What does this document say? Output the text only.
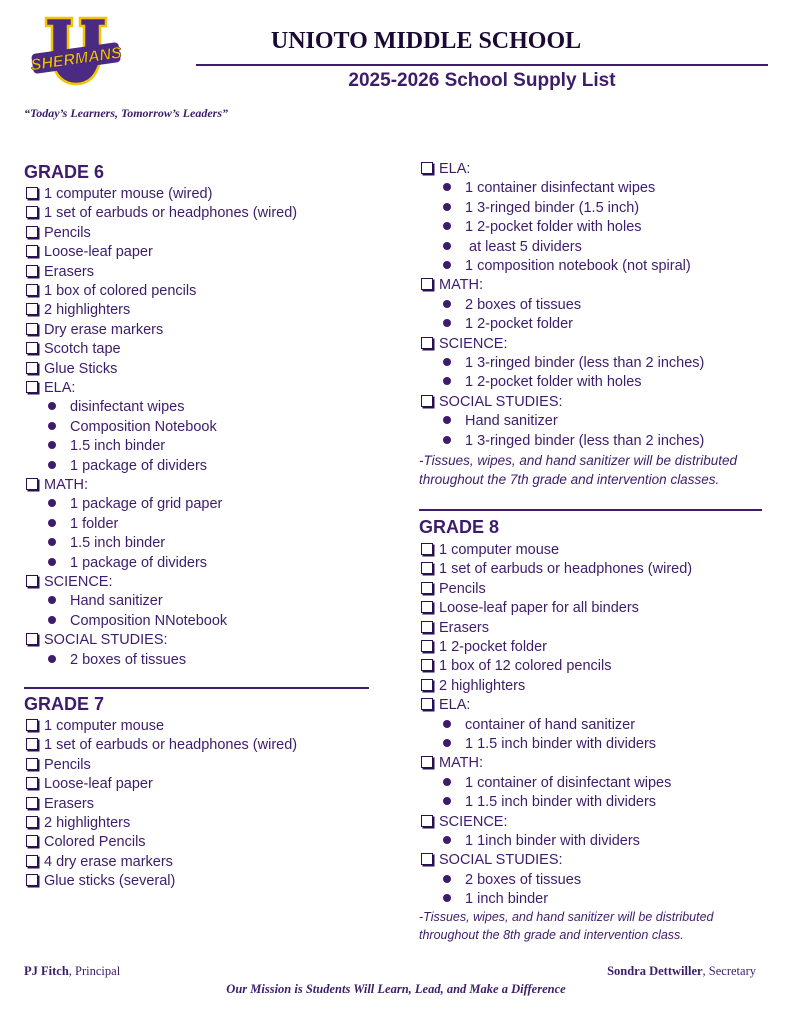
SHERMANS
UNIOTO MIDDLE SCHOOL
2025-2026 School Supply List
“Today’s Learners, Tomorrow’s Leaders”
GRADE 6
1 computer mouse (wired)
1 set of earbuds or headphones (wired)
Pencils
Loose-leaf paper
Erasers
1 box of colored pencils
2 highlighters
Dry erase markers
Scotch tape
Glue Sticks
ELA:
disinfectant wipes
Composition Notebook
1.5 inch binder
1 package of dividers
MATH:
1 package of grid paper
1 folder
1.5 inch binder
1 package of dividers
SCIENCE:
Hand sanitizer
Composition NNotebook
SOCIAL STUDIES:
2 boxes of tissues
GRADE 7
1 computer mouse
1 set of earbuds or headphones (wired)
Pencils
Loose-leaf paper
Erasers
2 highlighters
Colored Pencils
4 dry erase markers
Glue sticks (several)
ELA:
1 container disinfectant wipes
1 3-ringed binder (1.5 inch)
1 2-pocket folder with holes
at least 5 dividers
1 composition notebook (not spiral)
MATH:
2 boxes of tissues
1 2-pocket folder
SCIENCE:
1 3-ringed binder (less than 2 inches)
1 2-pocket folder with holes
SOCIAL STUDIES:
Hand sanitizer
1 3-ringed binder (less than 2 inches)
-Tissues, wipes, and hand sanitizer will be distributed
throughout the 7th grade and intervention classes.
GRADE 8
1 computer mouse
1 set of earbuds or headphones (wired)
Pencils
Loose-leaf paper for all binders
Erasers
1 2-pocket folder
1 box of 12 colored pencils
2 highlighters
ELA:
container of hand sanitizer
1 1.5 inch binder with dividers
MATH:
1 container of disinfectant wipes
1 1.5 inch binder with dividers
SCIENCE:
1 1inch binder with dividers
SOCIAL STUDIES:
2 boxes of tissues
1 inch binder
-Tissues, wipes, and hand sanitizer will be distributed
throughout the 8th grade and intervention class.
PJ Fitch, Principal	Sondra Dettwiller, Secretary
Our Mission is Students Will Learn, Lead, and Make a Difference
